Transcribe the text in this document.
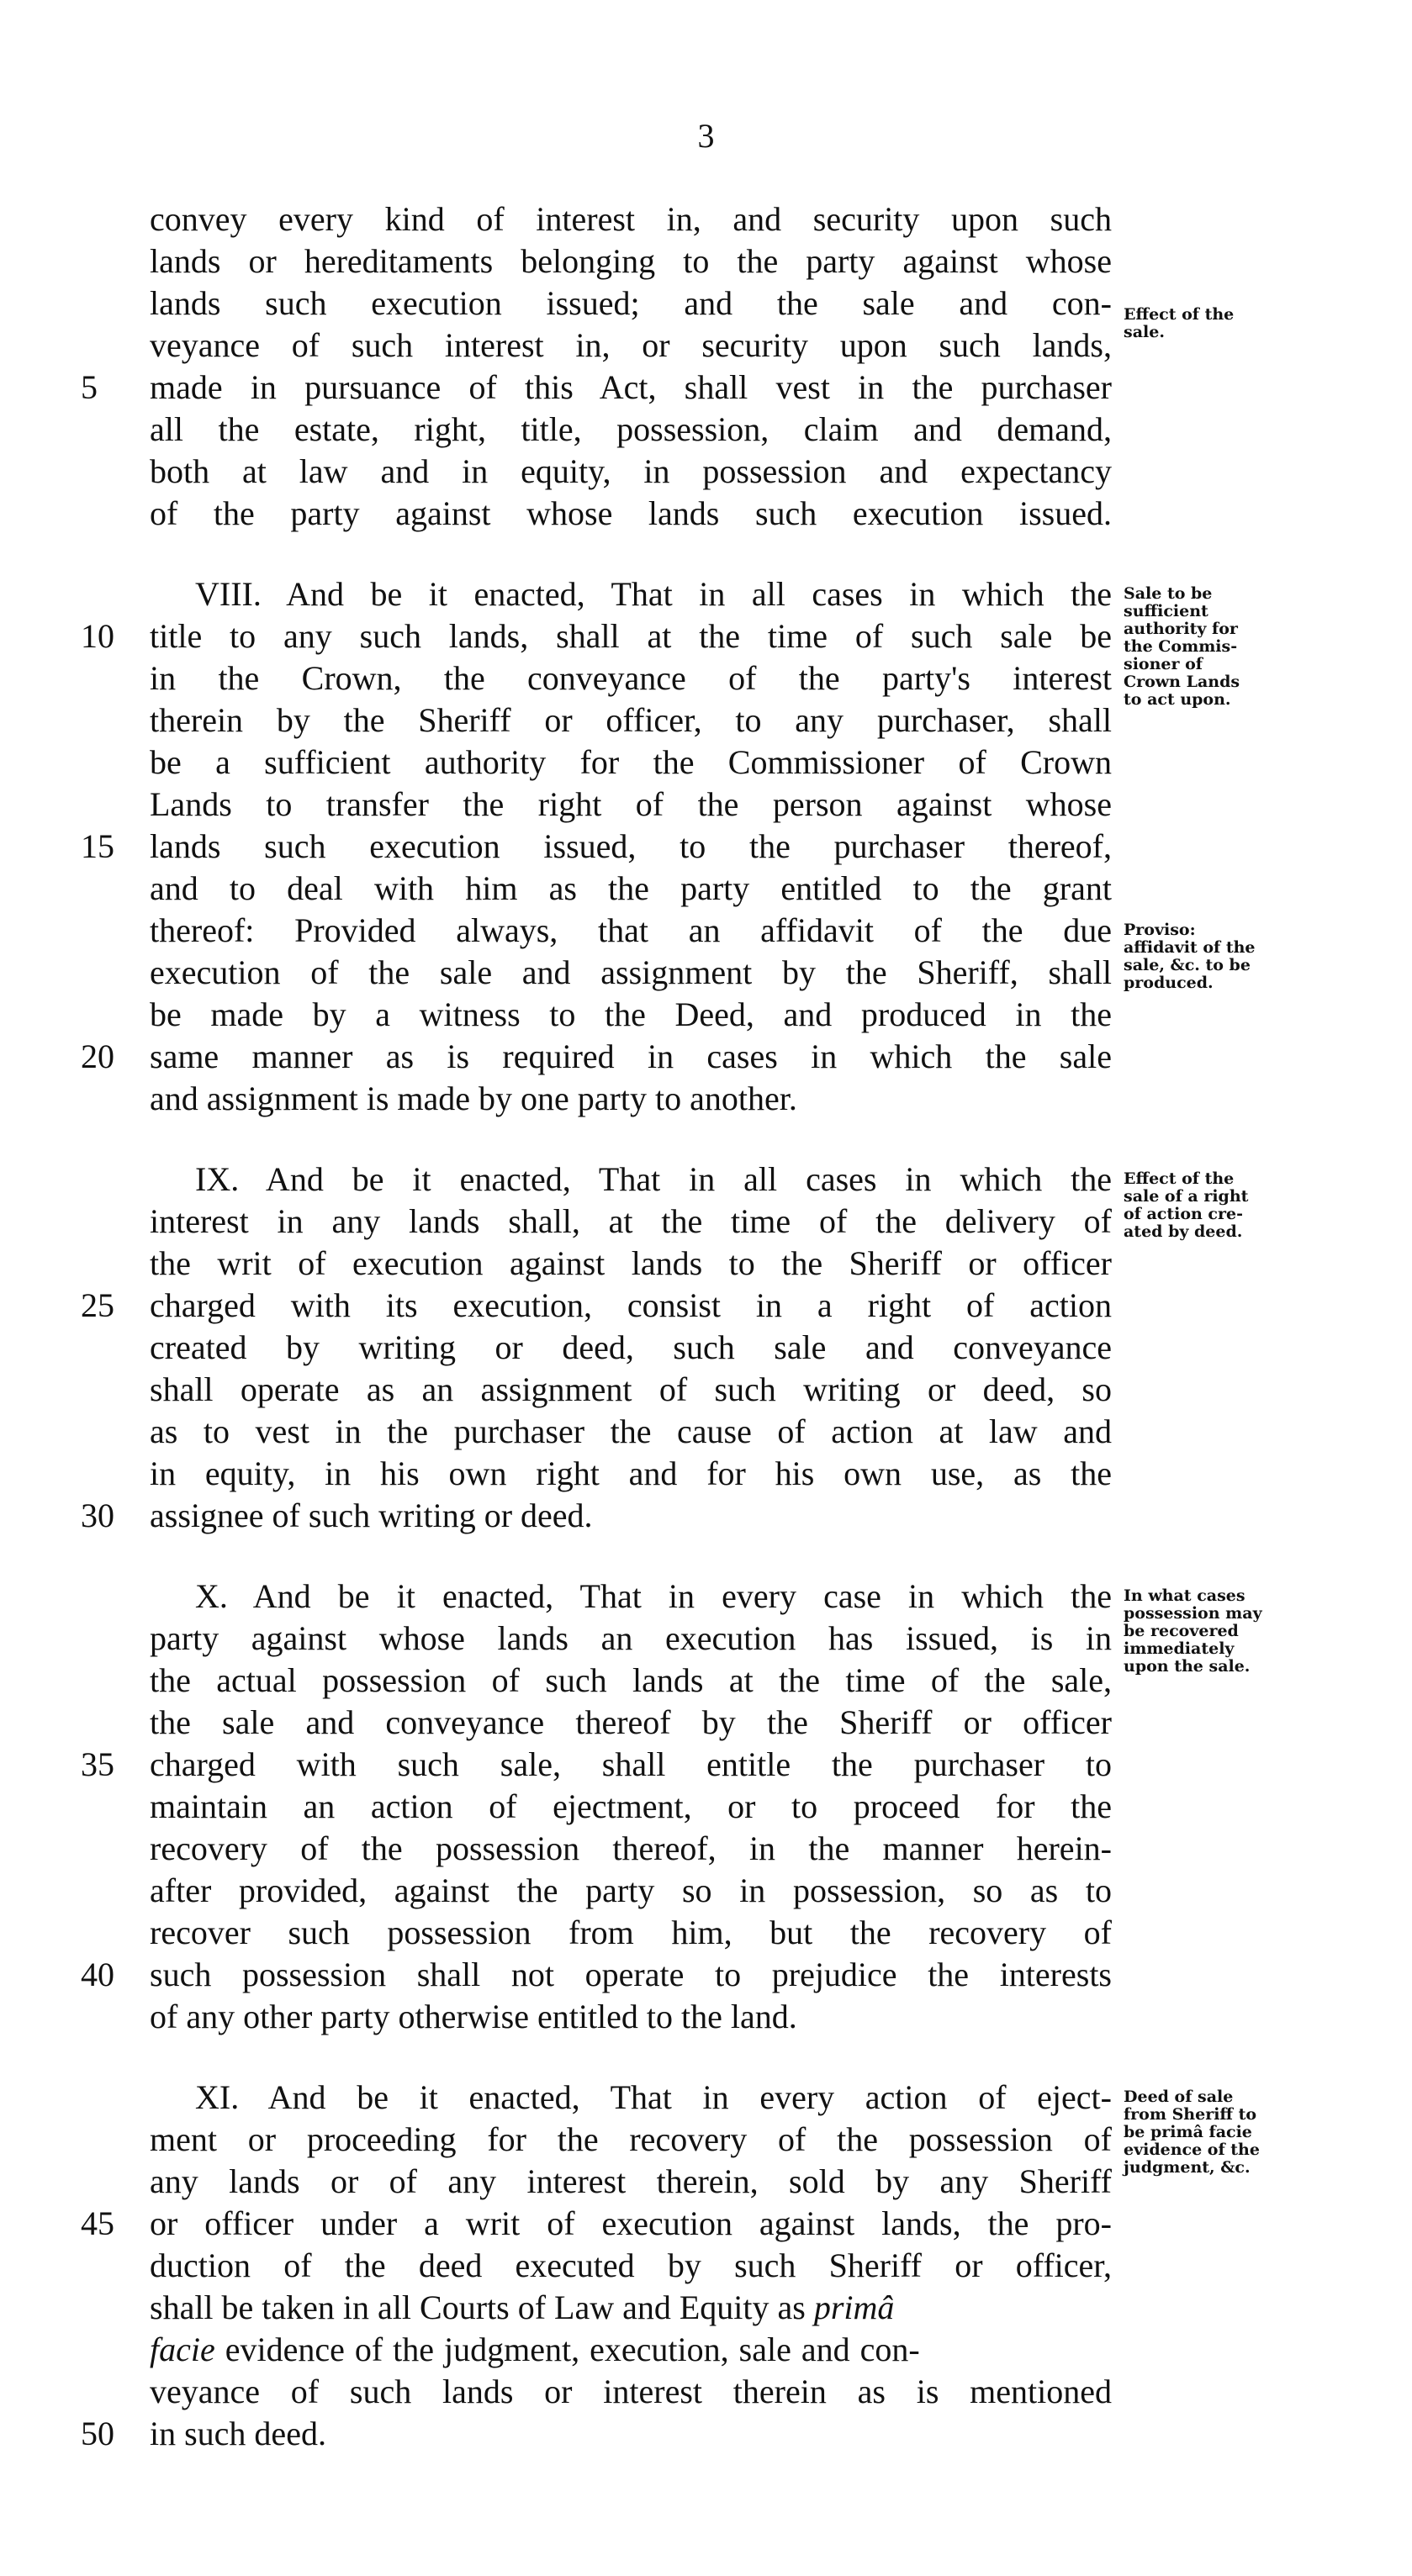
3
convey every kind of interest in, and security upon such
lands or hereditaments belonging to the party against whose
lands such execution issued; and the sale and con-
veyance of such interest in, or security upon such lands,
5	made in pursuance of this Act, shall vest in the purchaser
all the estate, right, title, possession, claim and demand,
both at law and in equity, in possession and expectancy
of the party against whose lands such execution issued.
VIII. And be it enacted, That in all cases in which the
10	title to any such lands, shall at the time of such sale be
in the Crown, the conveyance of the party's interest
therein by the Sheriff or officer, to any purchaser, shall
be a sufficient authority for the Commissioner of Crown
Lands to transfer the right of the person against whose
15	lands such execution issued, to the purchaser thereof,
and to deal with him as the party entitled to the grant
thereof: Provided always, that an affidavit of the due
execution of the sale and assignment by the Sheriff, shall
be made by a witness to the Deed, and produced in the
20	same manner as is required in cases in which the sale
and assignment is made by one party to another.
IX. And be it enacted, That in all cases in which the
interest in any lands shall, at the time of the delivery of
the writ of execution against lands to the Sheriff or officer
25	charged with its execution, consist in a right of action
created by writing or deed, such sale and conveyance
shall operate as an assignment of such writing or deed, so
as to vest in the purchaser the cause of action at law and
in equity, in his own right and for his own use, as the
30	assignee of such writing or deed.
X. And be it enacted, That in every case in which the
party against whose lands an execution has issued, is in
the actual possession of such lands at the time of the sale,
the sale and conveyance thereof by the Sheriff or officer
35	charged with such sale, shall entitle the purchaser to
maintain an action of ejectment, or to proceed for the
recovery of the possession thereof, in the manner herein-
after provided, against the party so in possession, so as to
recover such possession from him, but the recovery of
40	such possession shall not operate to prejudice the interests
of any other party otherwise entitled to the land.
XI. And be it enacted, That in every action of eject-
ment or proceeding for the recovery of the possession of
any lands or of any interest therein, sold by any Sheriff
45	or officer under a writ of execution against lands, the pro-
duction of the deed executed by such Sheriff or officer,
shall be taken in all Courts of Law and Equity as primâ
facie evidence of the judgment, execution, sale and con-
veyance of such lands or interest therein as is mentioned
50	in such deed.
Effect of the
sale.
Sale to be
sufficient
authority for
the Commis-
sioner of
Crown Lands
to act upon.
Proviso:
affidavit of the
sale, &c. to be
produced.
Effect of the
sale of a right
of action cre-
ated by deed.
In what cases
possession may
be recovered
immediately
upon the sale.
Deed of sale
from Sheriff to
be primâ facie
evidence of the
judgment, &c.
